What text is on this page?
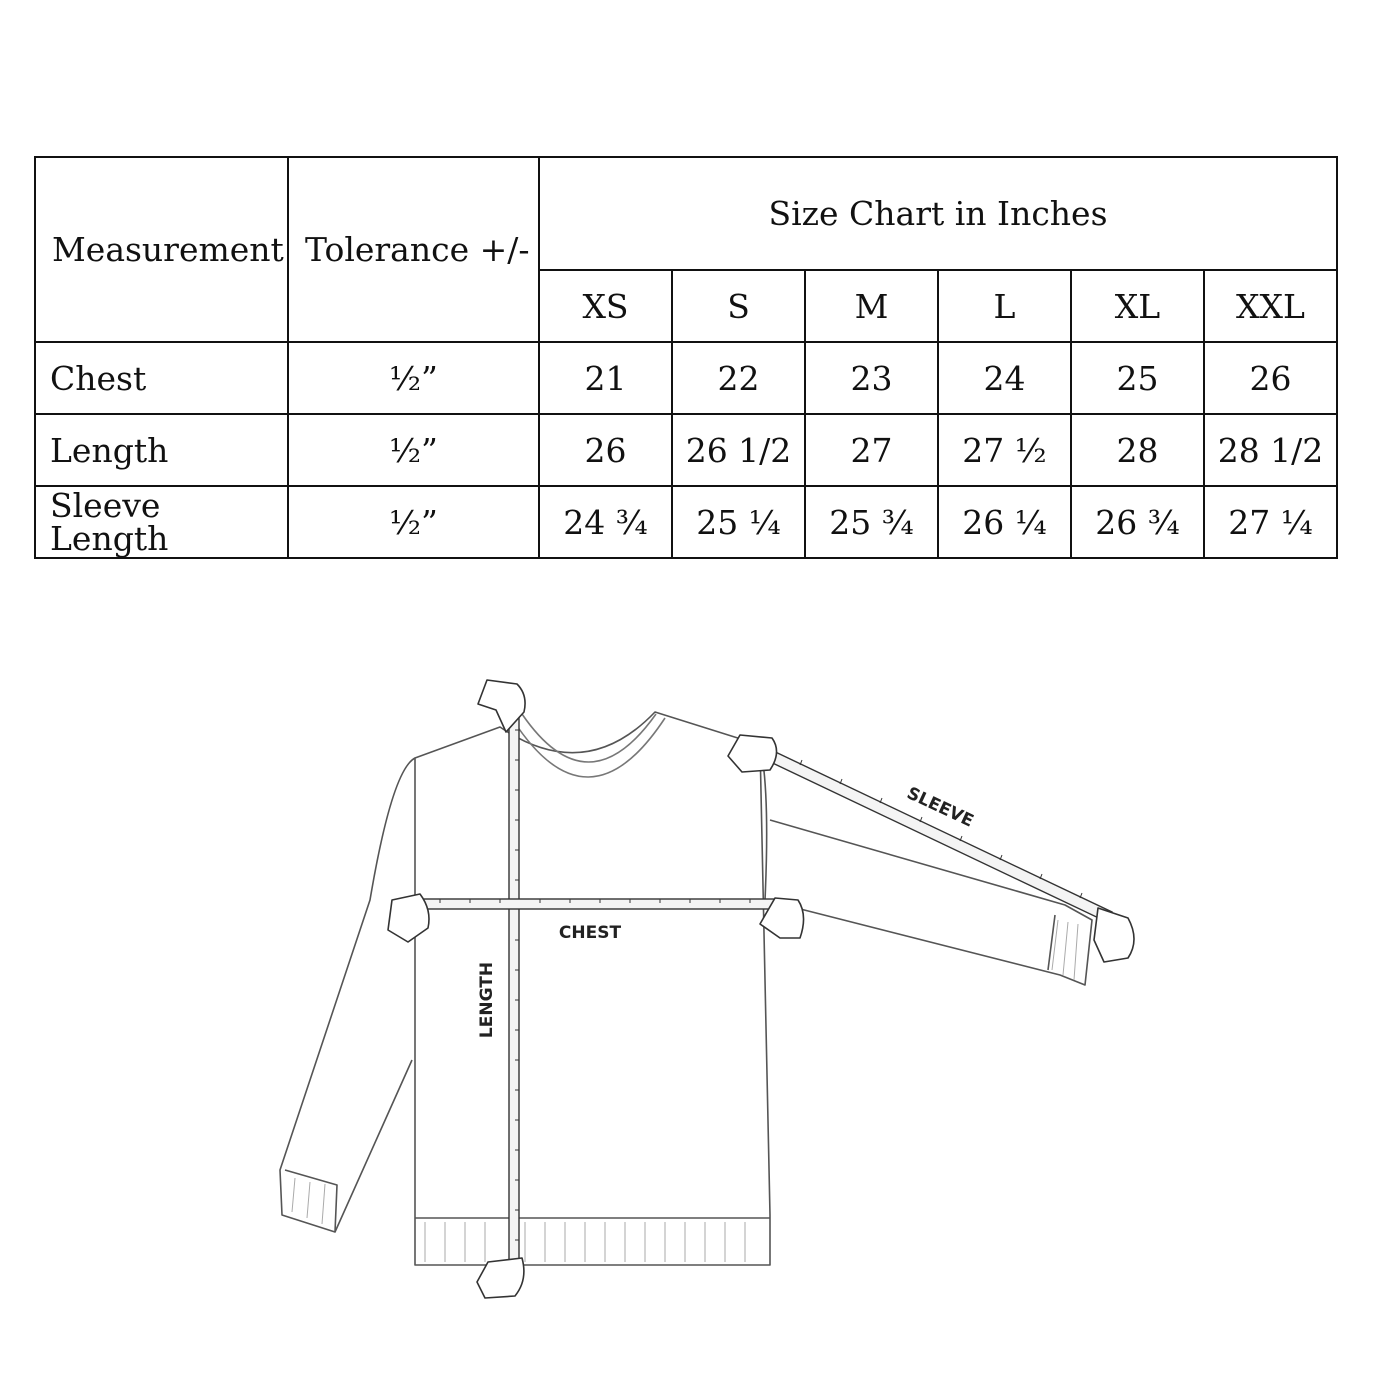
Measurement	Tolerance +/-	Size Chart in Inches					
		XS	S	M	L	XL	XXL
Chest	½”	21	22	23	24	25	26
Length	½”	26	26 1/2	27	27 ½	28	28 1/2
Sleeve Length	½”	24 ¾	25 ¼	25 ¾	26 ¼	26 ¾	27 ¼
CHEST
LENGTH
SLEEVE
